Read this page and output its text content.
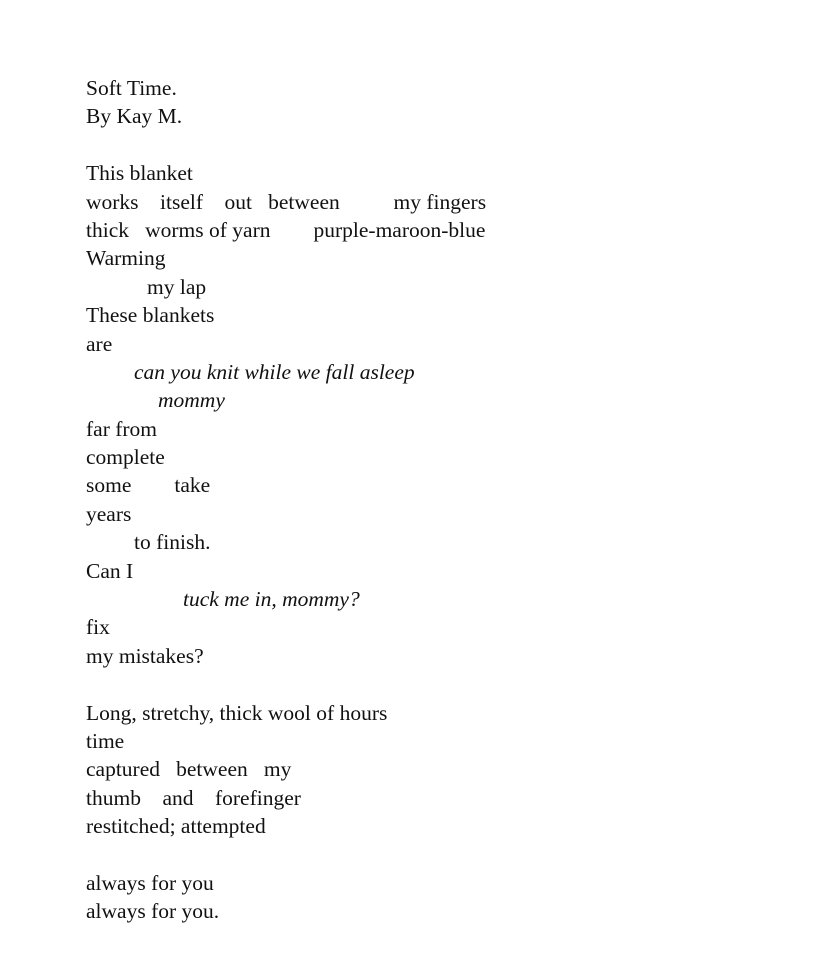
Soft Time.
By Kay M.
This blanket
works    itself    out   between          my fingers
thick   worms of yarn        purple-maroon-blue
Warming
my lap
These blankets
are
can you knit while we fall asleep
mommy
far from
complete
some        take
years
to finish.
Can I
tuck me in, mommy?
fix
my mistakes?
Long, stretchy, thick wool of hours
time
captured   between   my
thumb    and    forefinger
restitched; attempted
always for you
always for you.
